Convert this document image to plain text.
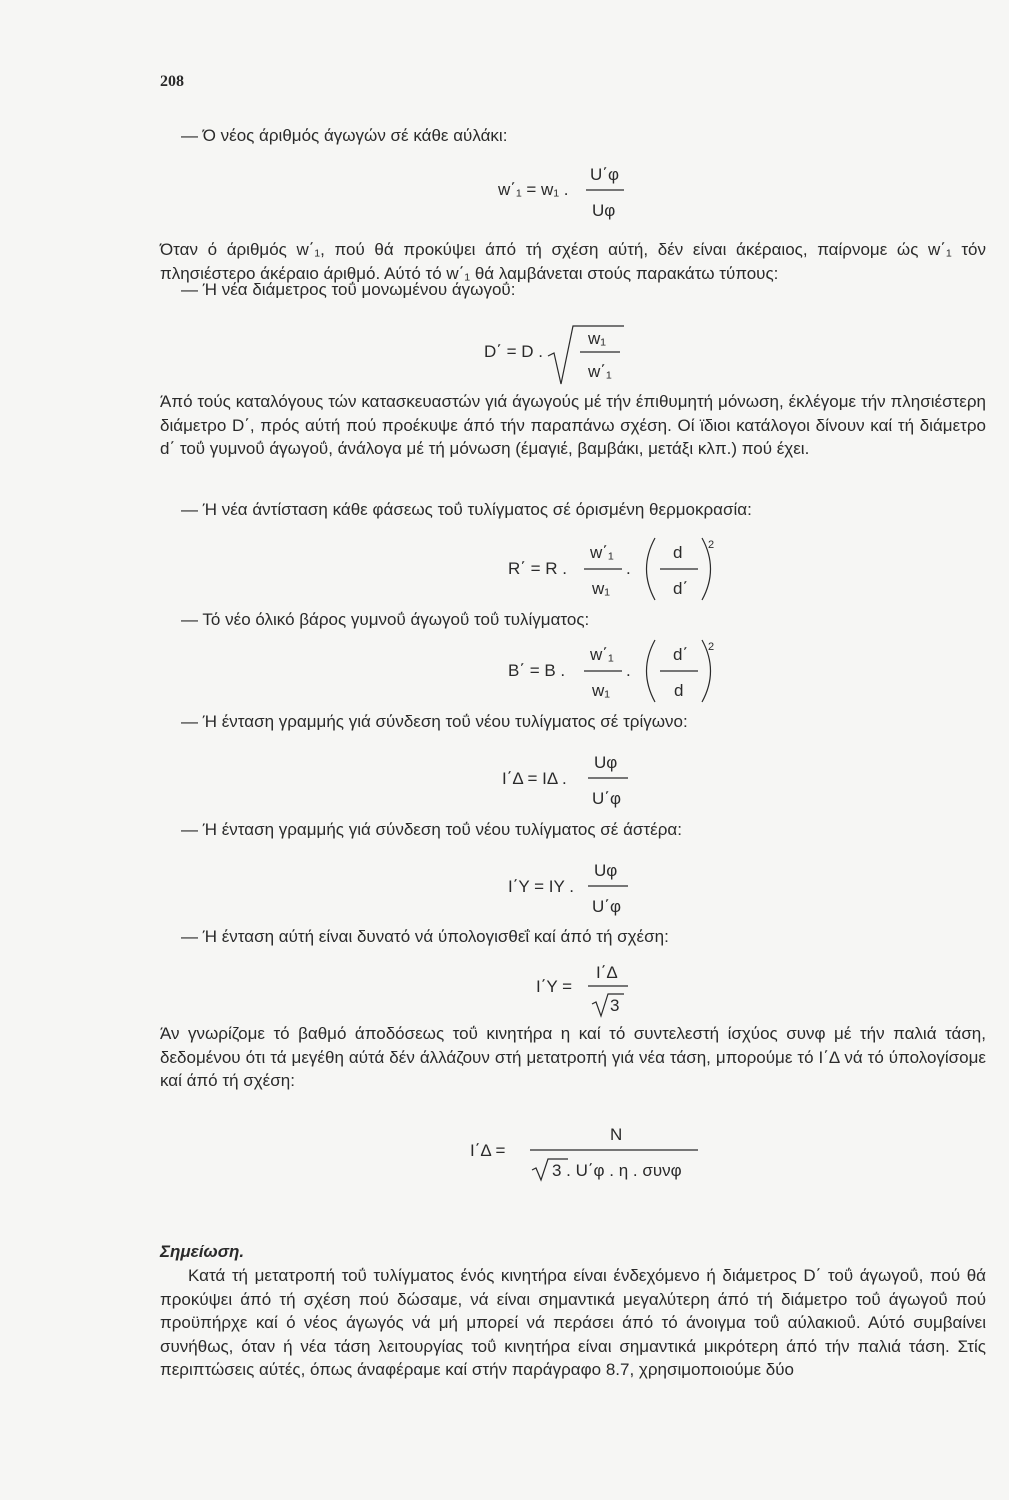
208
— Ό νέος άριθμός άγωγών σέ κάθε αύλάκι:
w΄₁ = w₁ .
U΄φ
Uφ
Όταν ό άριθμός w΄₁, πού θά προκύψει άπό τή σχέση αύτή, δέν είναι άκέραιος, παίρνομε ώς w΄₁ τόν πλησιέστερο άκέραιο άριθμό. Αύτό τό w΄₁ θά λαμβάνεται στούς παρακάτω τύπους:
— Ή νέα διάμετρος τοΰ μονωμένου άγωγοΰ:
D΄ = D .
w₁
w΄₁
Άπό τούς καταλόγους τών κατασκευαστών γιά άγωγούς μέ τήν έπιθυμητή μόνωση, έκλέγομε τήν πλησιέστερη διάμετρο D΄, πρός αύτή πού προέκυψε άπό τήν παραπάνω σχέση. Οί ϊδιοι κατάλογοι δίνουν καί τή διάμετρο d΄ τοΰ γυμνοΰ άγωγοΰ, άνάλογα μέ τή μόνωση (έμαγιέ, βαμβάκι, μετάξι κλπ.) πού έχει.
— Ή νέα άντίσταση κάθε φάσεως τοΰ τυλίγματος σέ όρισμένη θερμοκρασία:
R΄ = R .
w΄₁
w₁
.
d
d΄
2
— Τό νέο όλικό βάρος γυμνοΰ άγωγοΰ τοΰ τυλίγματος:
B΄ = B .
w΄₁
w₁
.
d΄
d
2
— Ή ένταση γραμμής γιά σύνδεση τοΰ νέου τυλίγματος σέ τρίγωνο:
I΄Δ = IΔ .
Uφ
U΄φ
— Ή ένταση γραμμής γιά σύνδεση τοΰ νέου τυλίγματος σέ άστέρα:
I΄Y = IY .
Uφ
U΄φ
— Ή ένταση αύτή είναι δυνατό νά ύπολογισθεΐ καί άπό τή σχέση:
I΄Y =
I΄Δ
3
Άν γνωρίζομε τό βαθμό άποδόσεως τοΰ κινητήρα η καί τό συντελεστή ίσχύος συνφ μέ τήν παλιά τάση, δεδομένου ότι τά μεγέθη αύτά δέν άλλάζουν στή μετατροπή γιά νέα τάση, μπορούμε τό I΄Δ νά τό ύπολογίσομε καί άπό τή σχέση:
I΄Δ =
N
3 . U΄φ . η . συνφ
Σημείωση.
Κατά τή μετατροπή τοΰ τυλίγματος ένός κινητήρα είναι ένδεχόμενο ή διάμετρος D΄ τοΰ άγωγοΰ, πού θά προκύψει άπό τή σχέση πού δώσαμε, νά είναι σημαντικά μεγαλύτερη άπό τή διάμετρο τοΰ άγωγοΰ πού προϋπήρχε καί ό νέος άγωγός νά μή μπορεί νά περάσει άπό τό άνοιγμα τοΰ αύλακιοΰ. Αύτό συμβαίνει συνήθως, όταν ή νέα τάση λειτουργίας τοΰ κινητήρα είναι σημαντικά μικρότερη άπό τήν παλιά τάση. Στίς περιπτώσεις αύτές, όπως άναφέραμε καί στήν παράγραφο 8.7, χρησιμοποιούμε δύο
